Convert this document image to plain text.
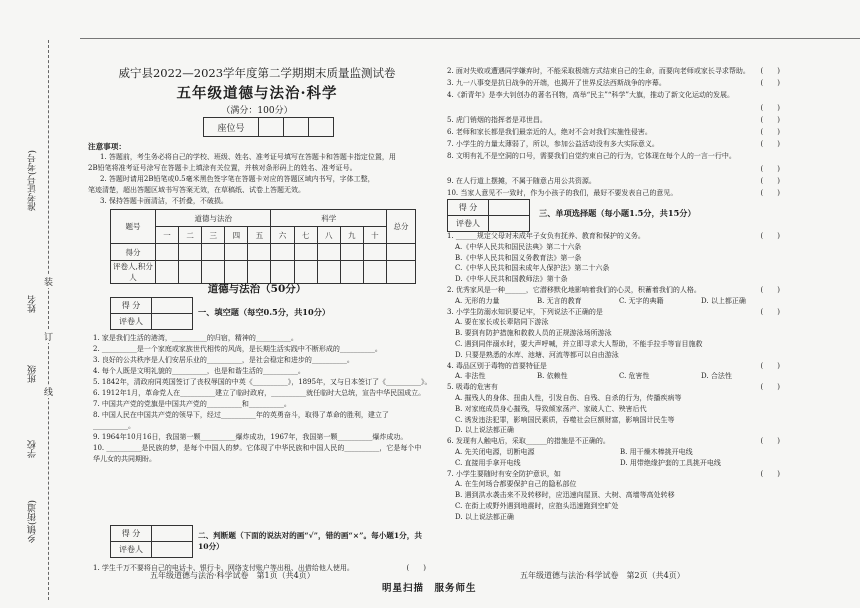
准考证号(考号)
姓名
班级
学校
乡镇(街道)
装
订
线
威宁县2022—2023学年度第二学期期末质量监测试卷
五年级道德与法治·科学
（满分：100分）
座位号			
注意事项：
1. 答题前，考生务必将自己的学校、班级、姓名、准考证号填写在答题卡和答题卡指定位置，用
2B铅笔将准考证号涂写在答题卡上填涂有关位置，并核对条形码上的姓名、准考证号。
2. 答题时请用2B铅笔或0.5毫米黑色签字笔在答题卡对应的答题区域内书写，字体工整，
笔迹清楚，超出答题区域书写答案无效，在草稿纸、试卷上答题无效。
3. 保持答题卡面清洁，不折叠，不破损。
题号	道德与法治					科学					总分
	一	二	三	四	五	六	七	八	九	十	
得分											
评卷人,积分人											
道德与法治（50分）
得 分	
评卷人	
一、填空题（每空0.5分，共10分）
1. 家是我们生活的港湾，__________的归宿，精神的__________。
2. __________是一个家庭或家族世代相传的风尚，是长期生活实践中不断形成的__________。
3. 良好的公共秩序是人们安居乐业的__________，是社会稳定和进步的__________。
4. 每个人既是文明礼貌的__________，也是和谐生活的__________。
5. 1842年，清政府同英国签订了丧权辱国的中英《__________》，1895年，又与日本签订了《__________》。
6. 1912年1月，革命党人在__________建立了临时政府，__________就任临时大总统，宣告中华民国成立。
7. 中国共产党的党旗是中国共产党的__________和__________。
8. 中国人民在中国共产党的领导下，经过__________年的英勇奋斗，取得了革命的胜利，建立了__________。
9. 1964年10月16日，我国第一颗__________爆炸成功，1967年，我国第一颗__________爆炸成功。
10. __________是民族的梦，是每个中国人的梦。它体现了中华民族和中国人民的__________，它是每个中华儿女的共同期盼。
得 分	
评卷人	
二、判断题（下面的说法对的画“√”，错的画“×”。每小题1分，共
10分）
1. 学生千万不要将自己的电话卡、银行卡、网络支付账户等出租、出借给他人使用。	(　　)
2. 面对失败或遭遇同学嫌弃时，不能采取极端方式结束自己的生命，而要向老师或家长寻求帮助。 (　　)
3. 九一八事变是抗日战争的开端，也揭开了世界反法西斯战争的序幕。	(　　)
4.《新青年》是李大钊创办的著名刊物，高举“民主”“科学”大旗，推动了新文化运动的发展。
(　　)
5. 虎门销烟的指挥者是邓世昌。	(　　)
6. 老师和家长都是我们最亲近的人，绝对不会对我们实施性侵害。	(　　)
7. 小学生的力量太薄弱了，所以，参加公益活动没有多大实际意义。	(　　)
8. 文明有礼不是空洞的口号，需要我们自觉约束自己的行为，它体现在每个人的一言一行中。
(　　)
9. 在人行道上摆摊，不属于随意占用公共资源。	(　　)
10. 当家人意见不一致时，作为小孩子的我们，最好不要发表自己的意见。	(　　)
得 分	
评卷人	
三、单项选择题（每小题1.5分，共15分）
1. ______规定父母对未成年子女负有抚养、教育和保护的义务。	(　　)
A.《中华人民共和国民法典》第二十六条
B.《中华人民共和国义务教育法》第一条
C.《中华人民共和国未成年人保护法》第二十六条
D.《中华人民共和国教师法》第十条
2. 优秀家风是一种______，它潜移默化地影响着我们的心灵，积蓄着我们的人格。	(　　)
A. 无形的力量	B. 无言的教育	C. 无字的典籍	D. 以上都正确
3. 小学生防溺水知识要记牢，下列说法不正确的是	(　　)
A. 要在家长或长辈陪同下游泳
B. 要到有防护措施和救救人员的正规游泳场所游泳
C. 遇到同伴溺水时，要大声呼喊，并立即寻求大人帮助，不能手拉手等盲目施救
D. 只要是熟悉的水库、池塘、河流等都可以自由游泳
4. 毒品区别于毒物的首要特征是	(　　)
A. 非法性	B. 依赖性	C. 危害性	D. 合法性
5. 吸毒的危害有	(　　)
A. 摧残人的身体、扭曲人性，引发自伤、自残、自杀的行为，传播疾病等
B. 对家庭成员身心摧残，导致倾家荡产、家破人亡、殃害后代
C. 诱发违法犯罪，影响国民素质，吞噬社会巨额财富，影响国计民生等
D. 以上说法都正确
6. 发现有人触电后，采取______的措施是不正确的。	(　　)
A. 先关闭电源，切断电源	B. 用干燥木棒挑开电线
C. 直接用手拿开电线	D. 用带绝缘护套的工具挑开电线
7. 小学生要随时有安全防护意识，如	(　　)
A. 在生何场合都要保护自己的隐私部位
B. 遇到洪水袭击来不及转移时，应迅速向屋顶、大树、高墙等高处转移
C. 在街上或野外遇到地震时，应抱头迅速跑到空旷处
D. 以上说法都正确
五年级道德与法治·科学试卷　第1页（共4页）
明星扫描　服务师生
五年级道德与法治·科学试卷　第2页（共4页）
